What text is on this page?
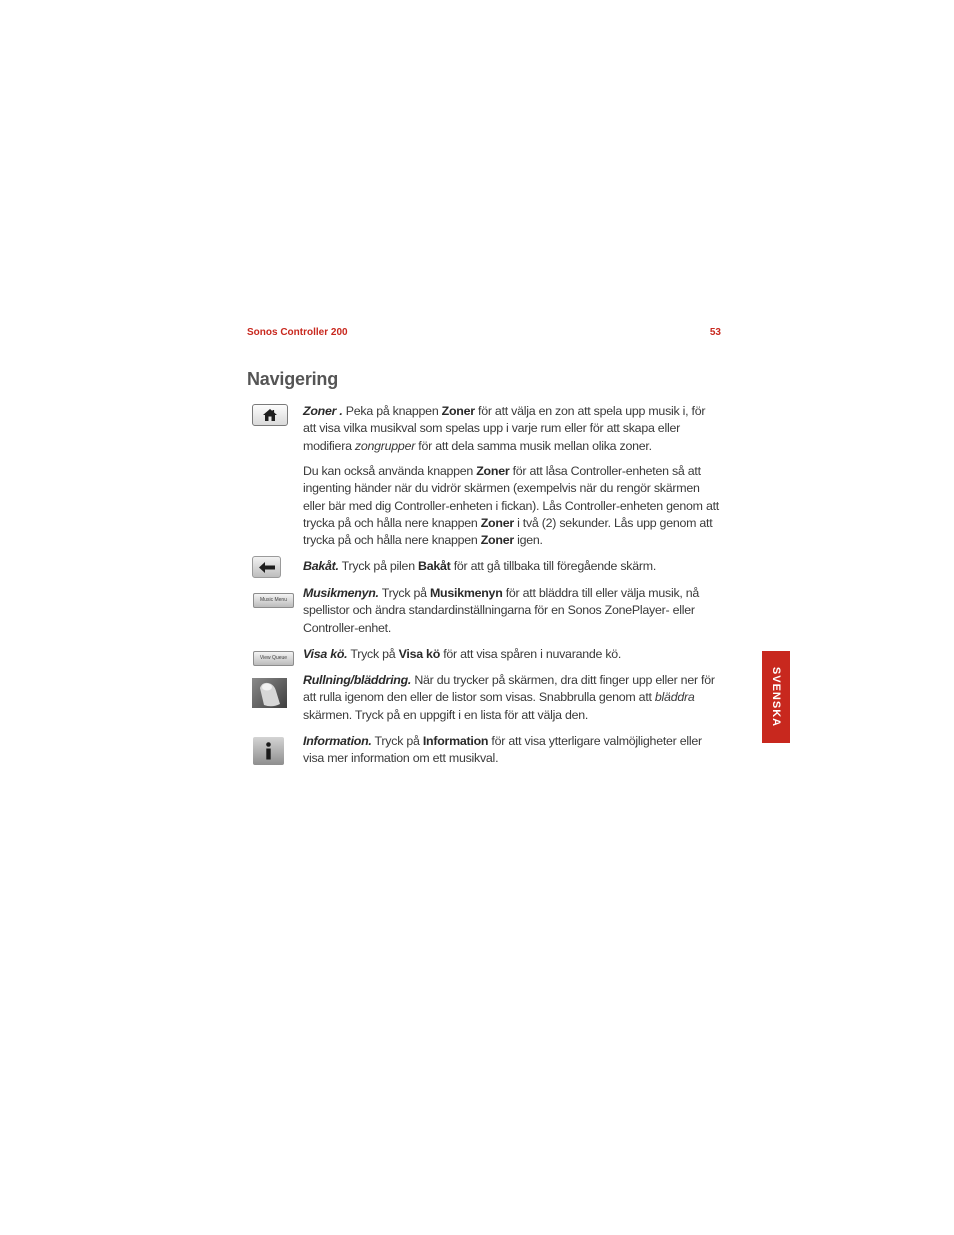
Sonos Controller 200	53
Navigering

Zoner . Peka på knappen Zoner för att välja en zon att spela upp musik i, för att visa vilka musikval som spelas upp i varje rum eller för att skapa eller modifiera zongrupper för att dela samma musik mellan olika zoner.

Du kan också använda knappen Zoner för att låsa Controller-enheten så att ingenting händer när du vidrör skärmen (exempelvis när du rengör skärmen eller bär med dig Controller-enheten i fickan). Lås Controller-enheten genom att trycka på och hålla nere knappen Zoner i två (2) sekunder. Lås upp genom att trycka på och hålla nere knappen Zoner igen.

Bakåt. Tryck på pilen Bakåt för att gå tillbaka till föregående skärm.

Music Menu	Musikmenyn. Tryck på Musikmenyn för att bläddra till eller välja musik, nå spellistor och ändra standardinställningarna för en Sonos ZonePlayer- eller Controller-enhet.

View Queue	Visa kö. Tryck på Visa kö för att visa spåren i nuvarande kö.

Rullning/bläddring. När du trycker på skärmen, dra ditt finger upp eller ner för att rulla igenom den eller de listor som visas. Snabbrulla genom att bläddra skärmen. Tryck på en uppgift i en lista för att välja den.

Information. Tryck på Information för att visa ytterligare valmöjligheter eller visa mer information om ett musikval.

SVENSKA
